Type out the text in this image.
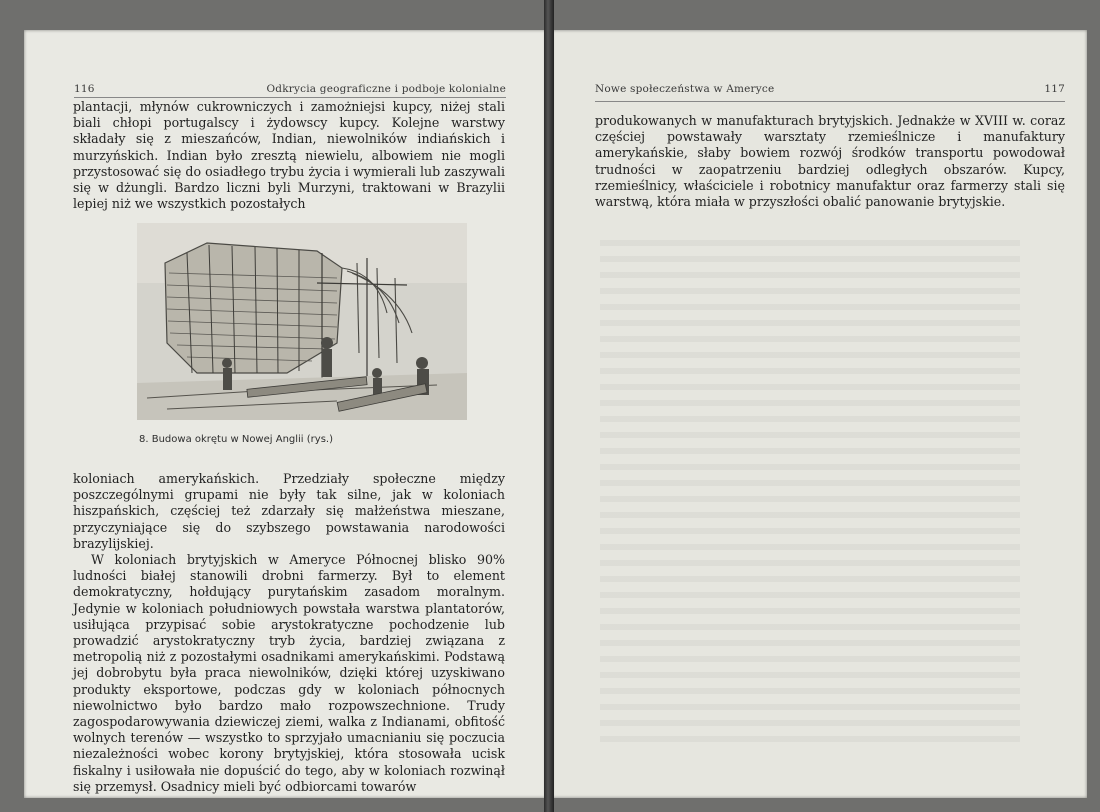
116	Odkrycia geograficzne i podboje kolonialne

plantacji, młynów cukrowniczych i zamożniejsi kupcy, niżej stali biali chłopi portugalscy i żydowscy kupcy. Kolejne warstwy składały się z mieszańców, Indian, niewolników indiańskich i murzyńskich. Indian było zresztą niewielu, albowiem nie mogli przystosować się do osiadłego trybu życia i wymierali lub zaszywali się w dżungli. Bardzo liczni byli Murzyni, traktowani w Brazylii lepiej niż we wszystkich pozostałych

8. Budowa okrętu w Nowej Anglii (rys.)

koloniach amerykańskich. Przedziały społeczne między poszczególnymi grupami nie były tak silne, jak w koloniach hiszpańskich, częściej też zdarzały się małżeństwa mieszane, przyczyniające się do szybszego powstawania narodowości brazylijskiej.

W koloniach brytyjskich w Ameryce Północnej blisko 90% ludności białej stanowili drobni farmerzy. Był to element demokratyczny, hołdujący purytańskim zasadom moralnym. Jedynie w koloniach południowych powstała warstwa plantatorów, usiłująca przypisać sobie arystokratyczne pochodzenie lub prowadzić arystokratyczny tryb życia, bardziej związana z metropolią niż z pozostałymi osadnikami amerykańskimi. Podstawą jej dobrobytu była praca niewolników, dzięki której uzyskiwano produkty eksportowe, podczas gdy w koloniach północnych niewolnictwo było bardzo mało rozpowszechnione. Trudy zagospodarowywania dziewiczej ziemi, walka z Indianami, obfitość wolnych terenów — wszystko to sprzyjało umacnianiu się poczucia niezależności wobec korony brytyjskiej, która stosowała ucisk fiskalny i usiłowała nie dopuścić do tego, aby w koloniach rozwinął się przemysł. Osadnicy mieli być odbiorcami towarów

Nowe społeczeństwa w Ameryce	117

produkowanych w manufakturach brytyjskich. Jednakże w XVIII w. coraz częściej powstawały warsztaty rzemieślnicze i manufaktury amerykańskie, słaby bowiem rozwój środków transportu powodował trudności w zaopatrzeniu bardziej odległych obszarów. Kupcy, rzemieślnicy, właściciele i robotnicy manufaktur oraz farmerzy stali się warstwą, która miała w przyszłości obalić panowanie brytyjskie.
